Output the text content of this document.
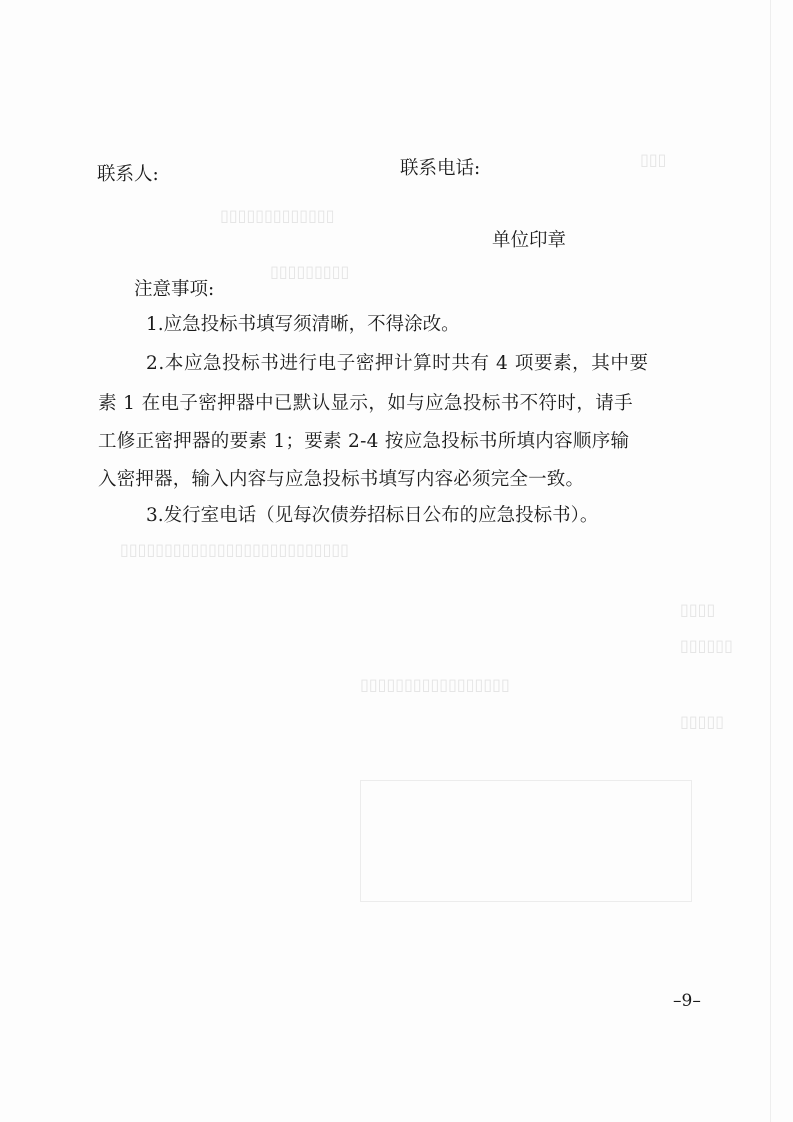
▯▯▯
▯▯▯▯▯▯▯▯▯▯▯▯▯
▯▯▯▯▯▯▯▯▯
▯▯▯▯▯▯▯▯▯▯▯▯▯▯▯▯▯▯▯▯▯▯▯▯▯▯
▯▯▯▯
▯▯▯▯▯▯
▯▯▯▯▯▯▯▯▯▯▯▯▯▯▯▯▯
▯▯▯▯▯
联系人:	联系电话:
单位印章
注意事项:
1.应急投标书填写须清晰，不得涂改。
2.本应急投标书进行电子密押计算时共有 4 项要素，其中要
素 1 在电子密押器中已默认显示，如与应急投标书不符时，请手
工修正密押器的要素 1；要素 2-4 按应急投标书所填内容顺序输
入密押器，输入内容与应急投标书填写内容必须完全一致。
3.发行室电话（见每次债券招标日公布的应急投标书）。
–9–
